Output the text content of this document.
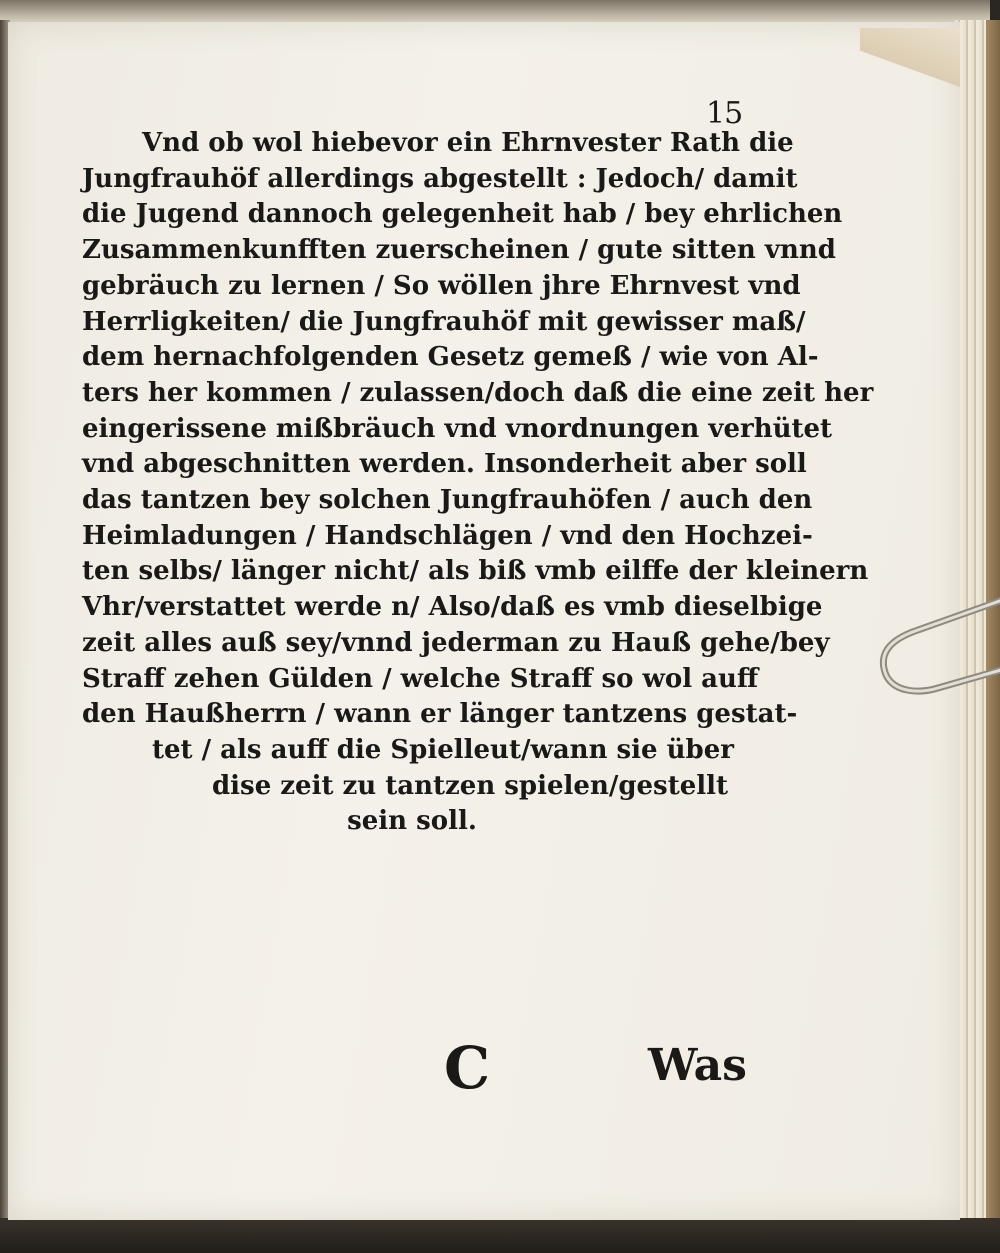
15
Vnd ob wol hiebevor ein Ehrnvester Rath die
Jungfrauhöf allerdings abgestellt : Jedoch/ damit
die Jugend dannoch gelegenheit hab / bey ehrlichen
Zusammenkunfften zuerscheinen / gute sitten vnnd
gebräuch zu lernen / So wöllen jhre Ehrnvest vnd
Herrligkeiten/ die Jungfrauhöf mit gewisser maß/
dem hernachfolgenden Gesetz gemeß / wie von Al-
ters her kommen / zulassen/doch daß die eine zeit her
eingerissene mißbräuch vnd vnordnungen verhütet
vnd abgeschnitten werden. Insonderheit aber soll
das tantzen bey solchen Jungfrauhöfen / auch den
Heimladungen / Handschlägen / vnd den Hochzei-
ten selbs/ länger nicht/ als biß vmb eilffe der kleinern
Vhr/verstattet werde n/ Also/daß es vmb dieselbige
zeit alles auß sey/vnnd jederman zu Hauß gehe/bey
Straff zehen Gülden / welche Straff so wol auff
den Haußherrn / wann er länger tantzens gestat-
tet / als auff die Spielleut/wann sie über
dise zeit zu tantzen spielen/gestellt
sein soll.
C	Was
